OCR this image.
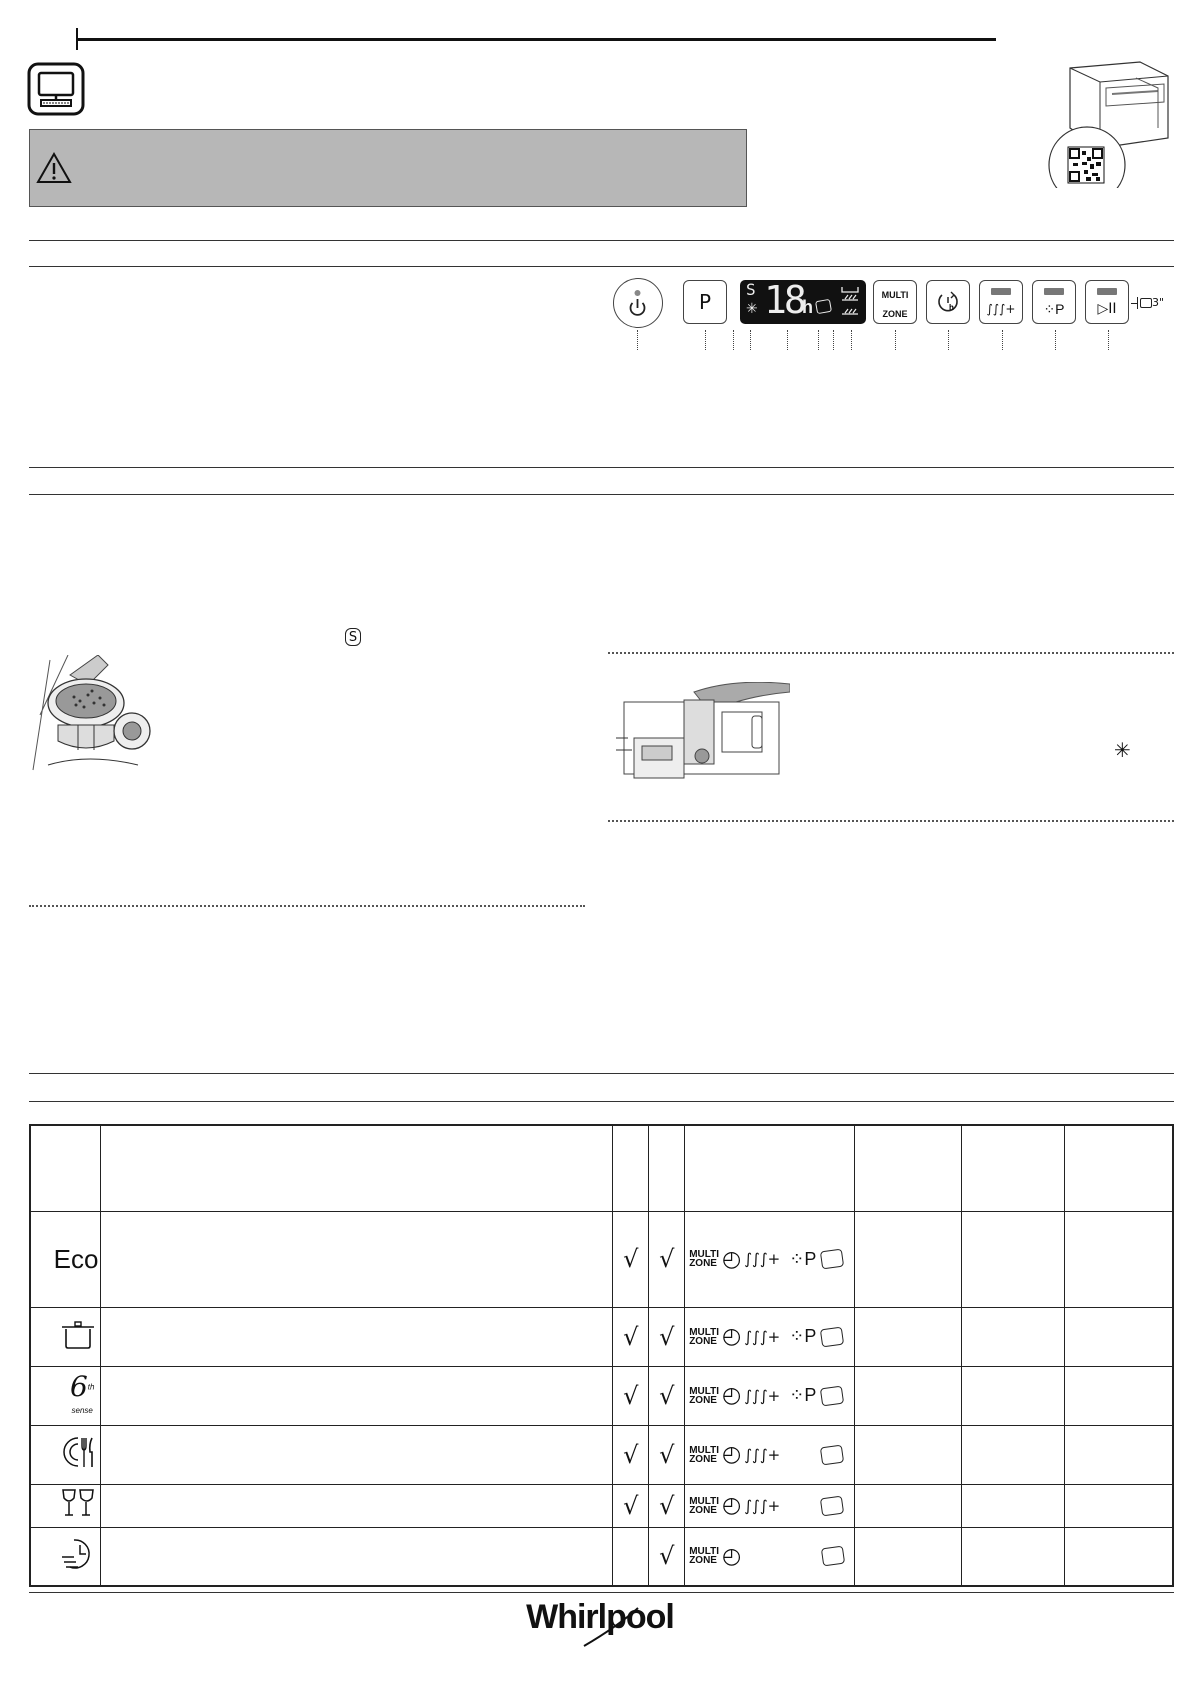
P
S
✳ 18
h
MULTI
ZONE
h	∫∫∫+ ⁘P ▷II	3"
S
✳

Eco		√	√	MULTI
ZONE ◴ ∫∫∫+ ⁘P			

		√	√	MULTI
ZONE ◴ ∫∫∫+ ⁘P			

6th
sense		√	√	MULTI
ZONE ◴ ∫∫∫+ ⁘P			

		√	√	MULTI
ZONE ◴ ∫∫∫+			

		√	√	MULTI
ZONE ◴ ∫∫∫+			

			√	MULTI
ZONE ◴			

Whirlpool
